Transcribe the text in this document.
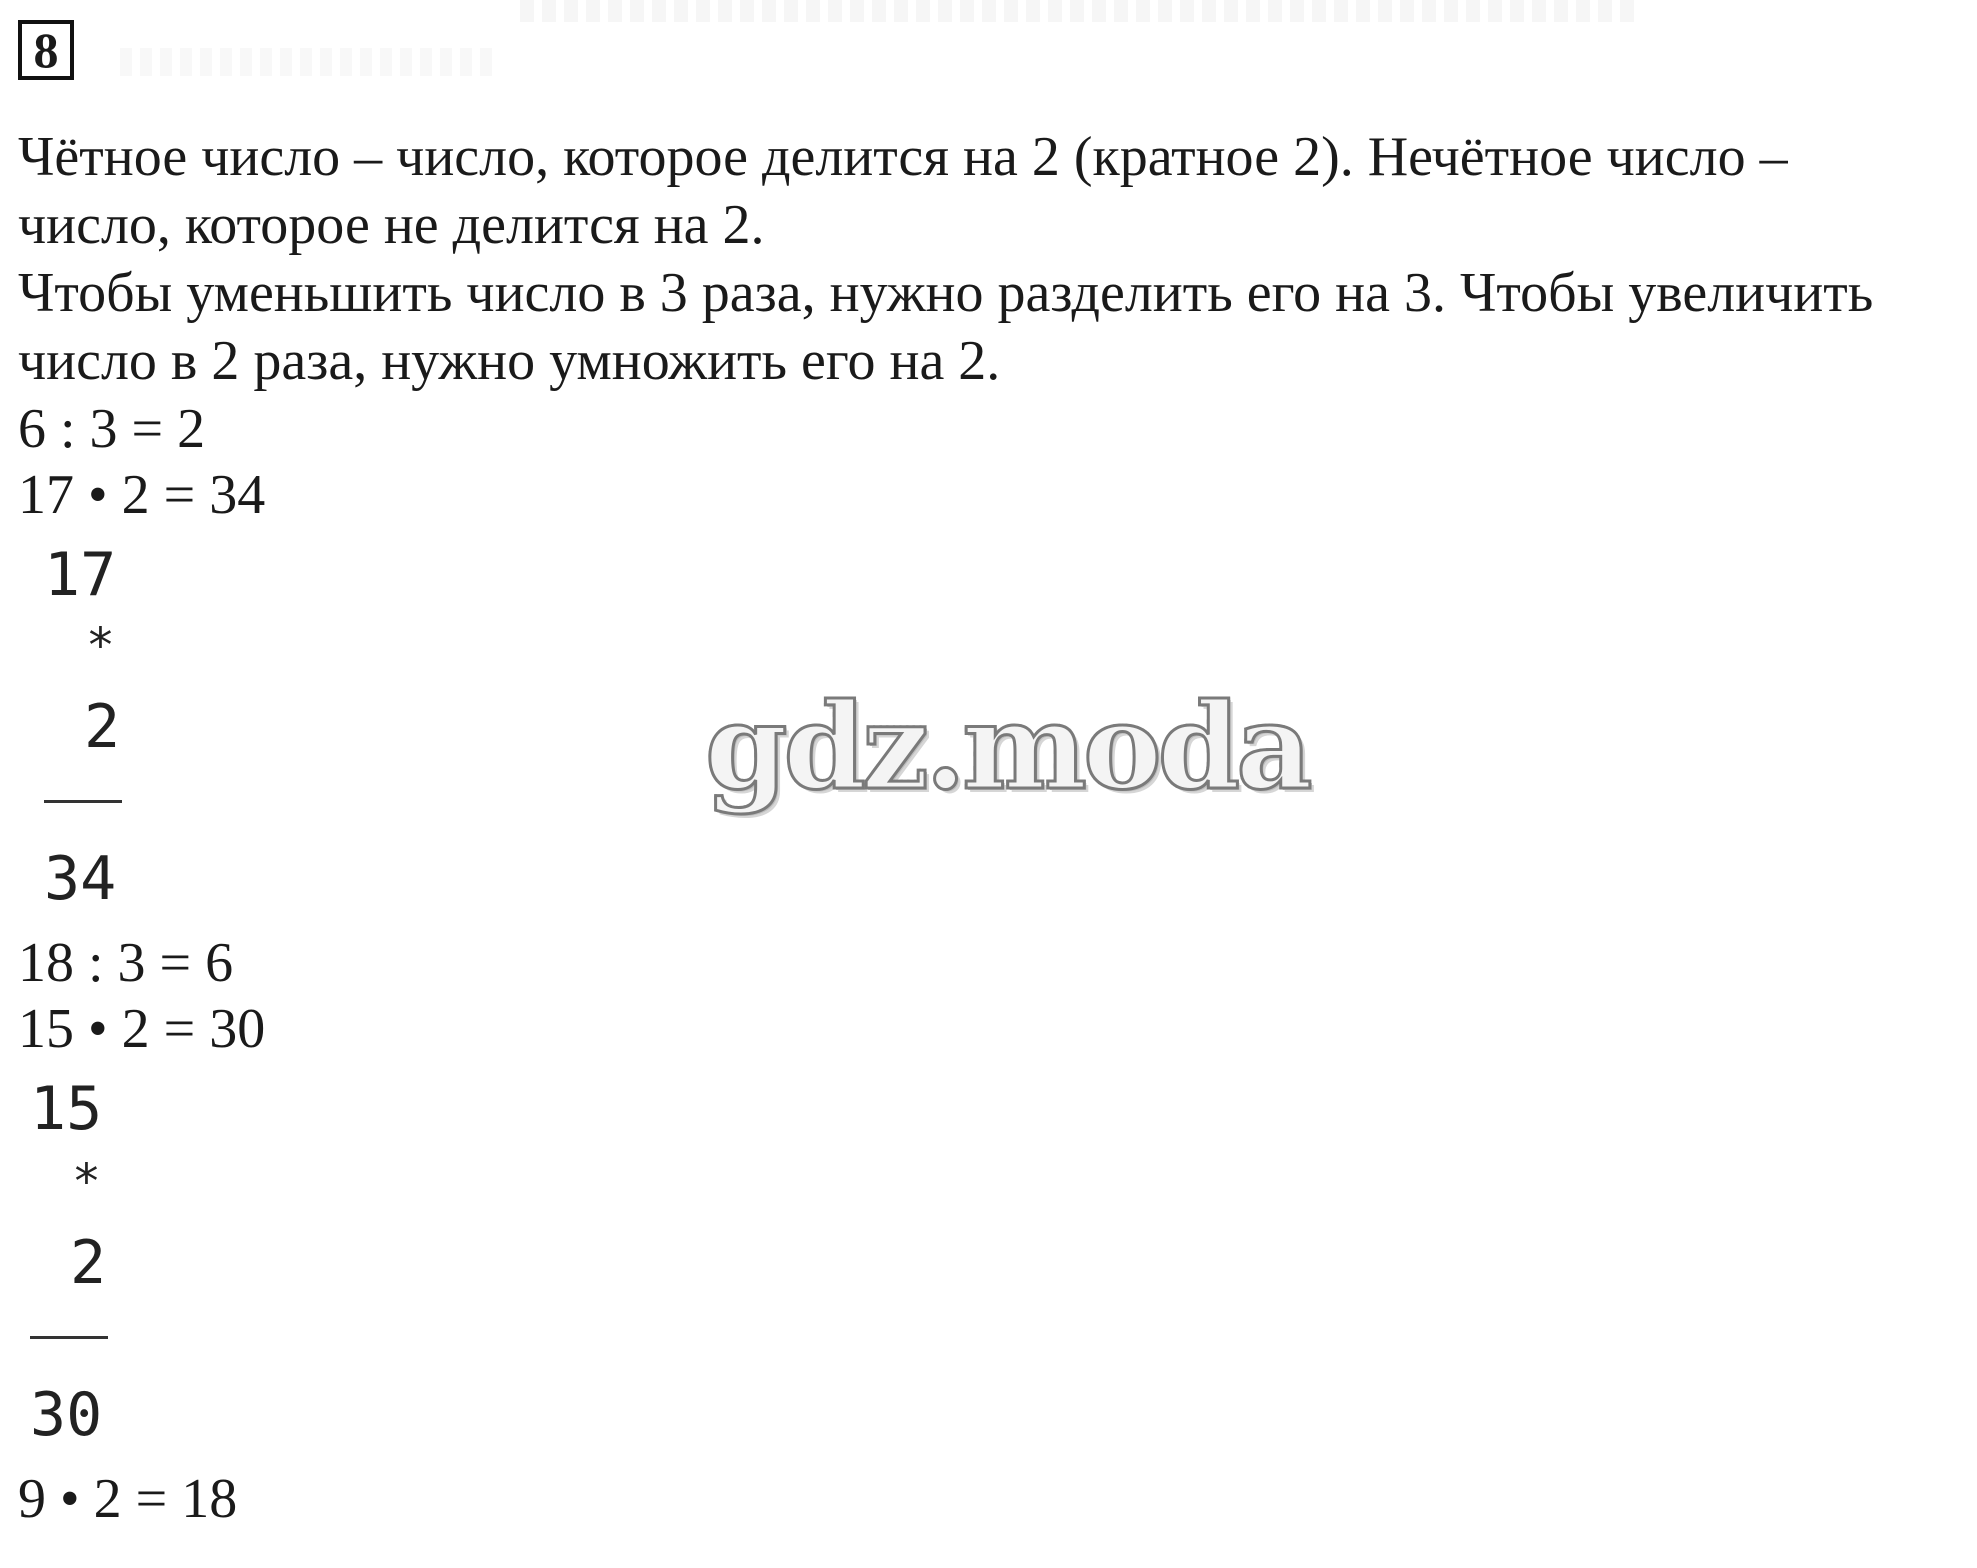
8
Чётное число – число, которое делится на 2 (кратное 2). Нечётное число –
число, которое не делится на 2.
Чтобы уменьшить число в 3 раза, нужно разделить его на 3. Чтобы увеличить
число в 2 раза, нужно умножить его на 2.
6 : 3 = 2
17 • 2 = 34
17
*
2
34
18 : 3 = 6
15 • 2 = 30
15
*
2
30
9 • 2 = 18
gdz.moda
